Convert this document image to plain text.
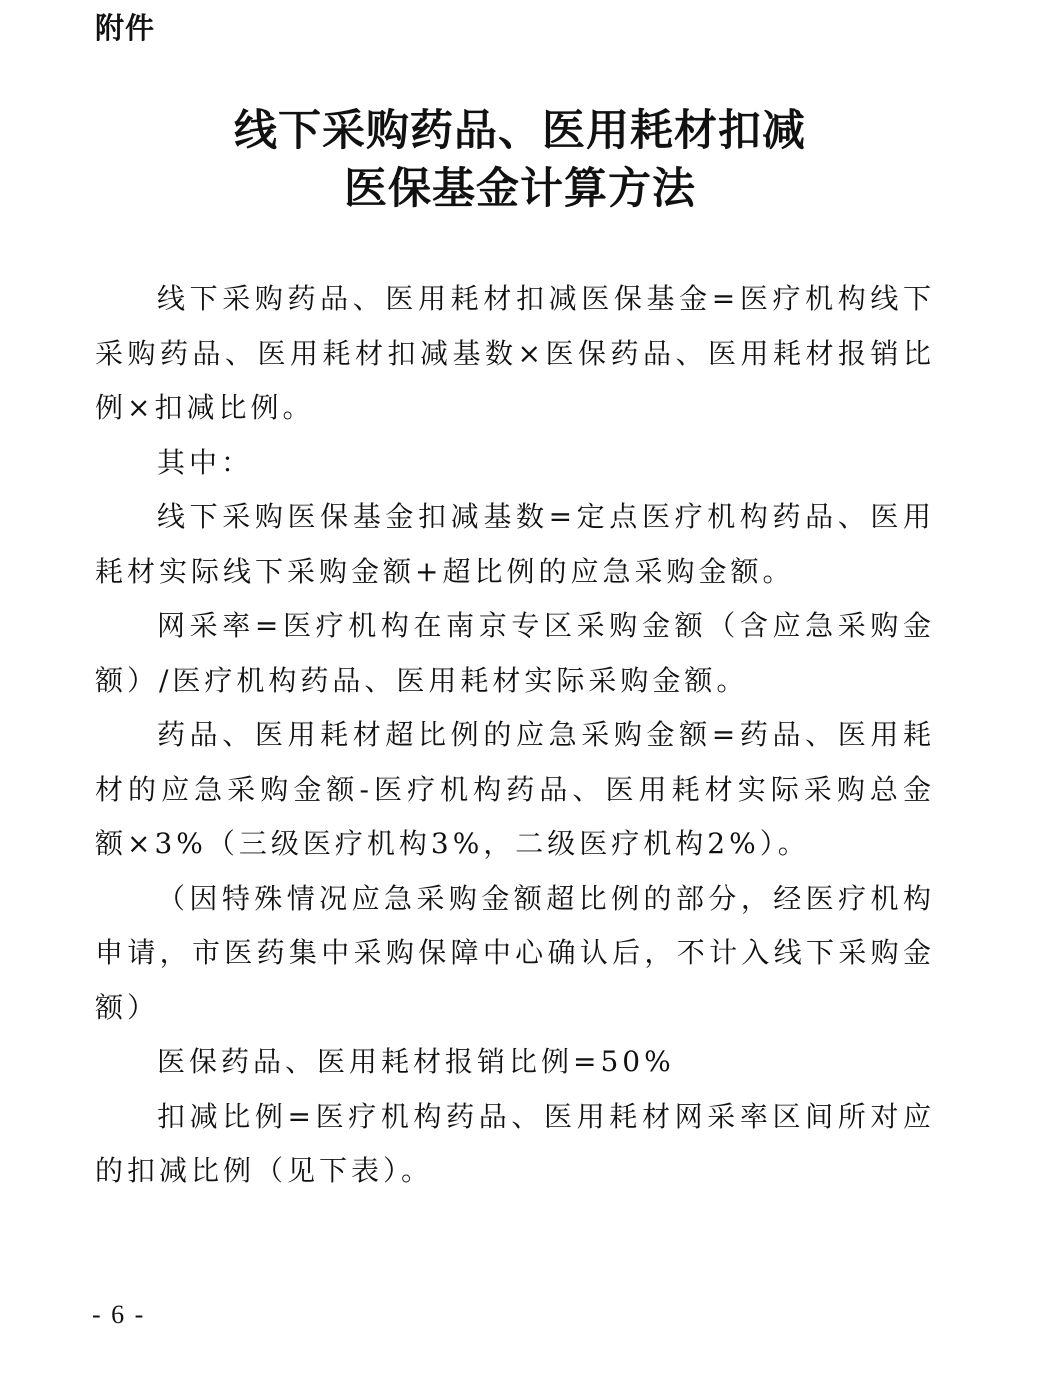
附件
线下采购药品、医用耗材扣减
医保基金计算方法

线下采购药品、医用耗材扣减医保基金=医疗机构线下采购药品、医用耗材扣减基数×医保药品、医用耗材报销比例×扣减比例。

其中：

线下采购医保基金扣减基数=定点医疗机构药品、医用耗材实际线下采购金额+超比例的应急采购金额。

网采率=医疗机构在南京专区采购金额（含应急采购金额）/医疗机构药品、医用耗材实际采购金额。

药品、医用耗材超比例的应急采购金额=药品、医用耗材的应急采购金额-医疗机构药品、医用耗材实际采购总金额×3%（三级医疗机构3%，二级医疗机构2%）。

（因特殊情况应急采购金额超比例的部分，经医疗机构申请，市医药集中采购保障中心确认后，不计入线下采购金额）

医保药品、医用耗材报销比例=50%

扣减比例=医疗机构药品、医用耗材网采率区间所对应的扣减比例（见下表）。

- 6 -
